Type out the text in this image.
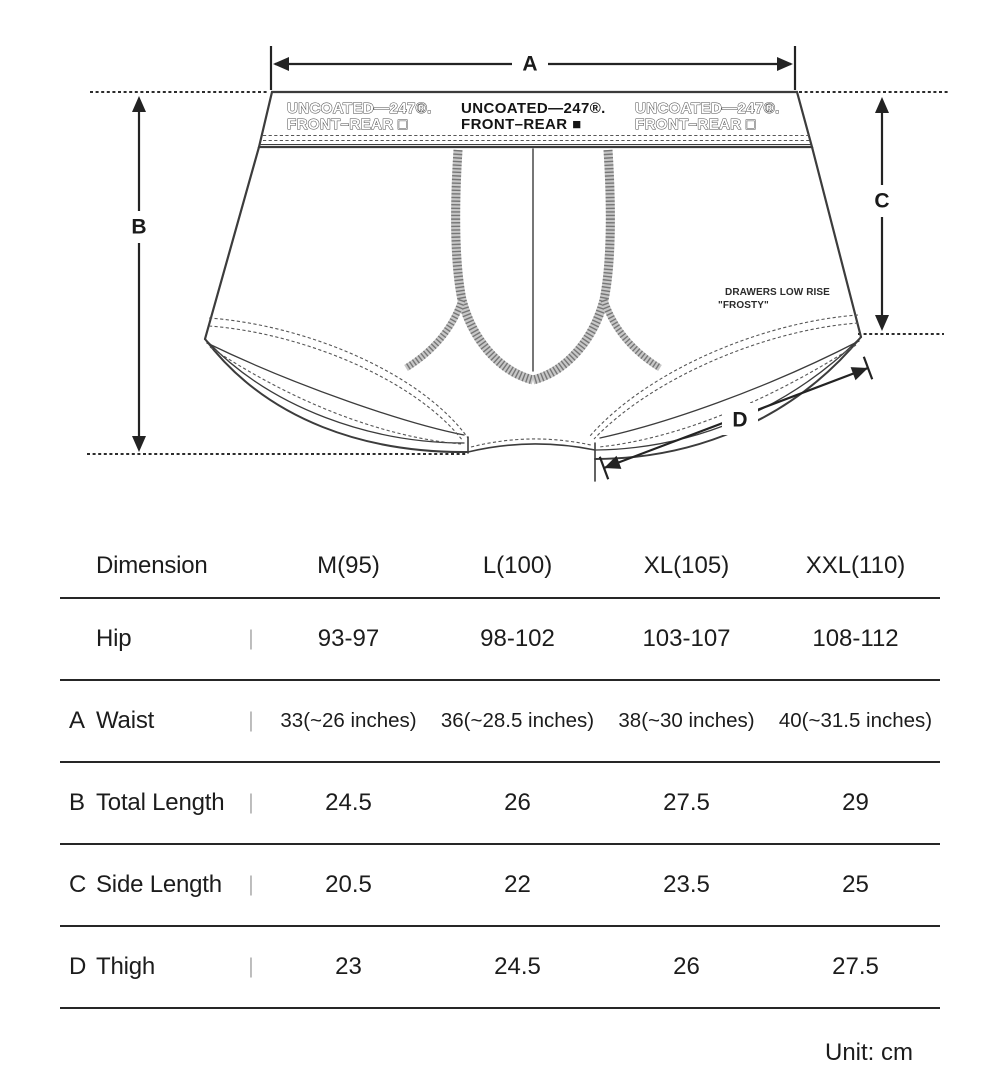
UNCOATED—247®.
FRONT–REAR □
UNCOATED—247®.
FRONT–REAR ■
UNCOATED—247®.
FRONT–REAR □
DRAWERS LOW RISE
"FROSTY"
A
B
C
D
Dimension	M(95)	L(100)	XL(105)	XXL(110)
Hip	|	93-97	98-102	103-107	108-112
A Waist	|	33(~26 inches)	36(~28.5 inches)	38(~30 inches)	40(~31.5 inches)
B Total Length	|	24.5	26	27.5	29
C Side Length	|	20.5	22	23.5	25
D Thigh	|	23	24.5	26	27.5
Unit: cm
